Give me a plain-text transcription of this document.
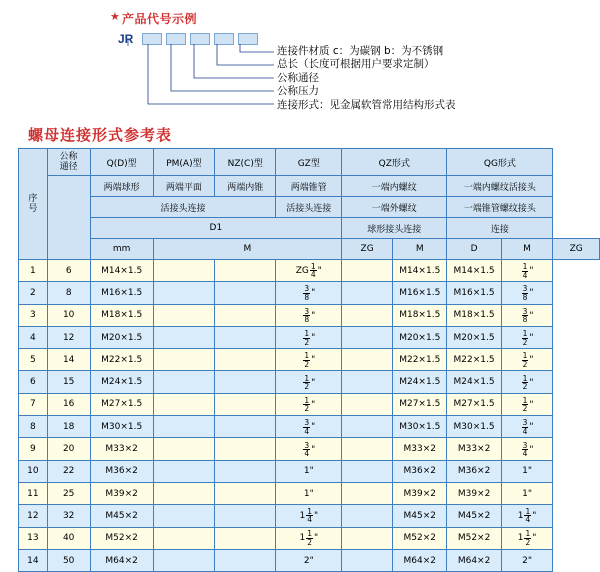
★ 产品代号示例
JR
连接件材质 c：为碳钢 b：为不锈钢
总长（长度可根据用户要求定制）
公称通径
公称压力
连接形式：见金属软管常用结构形式表
螺母连接形式参考表
序
号	公称
通径	Q(D)型	PM(A)型	NZ(C)型	GZ型	QZ形式		QG形式		
		两端球形	两端平面	两端内锥	两端锥管	一端内螺纹		一端内螺纹活接头		
		活接头连接			活接头连接	一端外螺纹		一端锥管螺纹接头		
		D1				球形接头连接		连接		
		mm	M			ZG	M	D	M	ZG
1	6	M14×1.5			ZG $\frac{1}{4}$ "		M14×1.5	M14×1.5	$\frac{1}{4}$ "	
2	8	M16×1.5			$\frac{3}{8}$ "		M16×1.5	M16×1.5	$\frac{3}{8}$ "	
3	10	M18×1.5			$\frac{3}{8}$ "		M18×1.5	M18×1.5	$\frac{3}{8}$ "	
4	12	M20×1.5			$\frac{1}{2}$ "		M20×1.5	M20×1.5	$\frac{1}{2}$ "	
5	14	M22×1.5			$\frac{1}{2}$ "		M22×1.5	M22×1.5	$\frac{1}{2}$ "	
6	15	M24×1.5			$\frac{1}{2}$ "		M24×1.5	M24×1.5	$\frac{1}{2}$ "	
7	16	M27×1.5			$\frac{1}{2}$ "		M27×1.5	M27×1.5	$\frac{1}{2}$ "	
8	18	M30×1.5			$\frac{3}{4}$ "		M30×1.5	M30×1.5	$\frac{3}{4}$ "	
9	20	M33×2			$\frac{3}{4}$ "		M33×2	M33×2	$\frac{3}{4}$ "	
10	22	M36×2			1"		M36×2	M36×2	1"	
11	25	M39×2			1"		M39×2	M39×2	1"	
12	32	M45×2			$1 \frac{1}{4}$ "		M45×2	M45×2	$1 \frac{1}{4}$ "	
13	40	M52×2			$1 \frac{1}{2}$ "		M52×2	M52×2	$1 \frac{1}{2}$ "	
14	50	M64×2			2"		M64×2	M64×2	2"	
